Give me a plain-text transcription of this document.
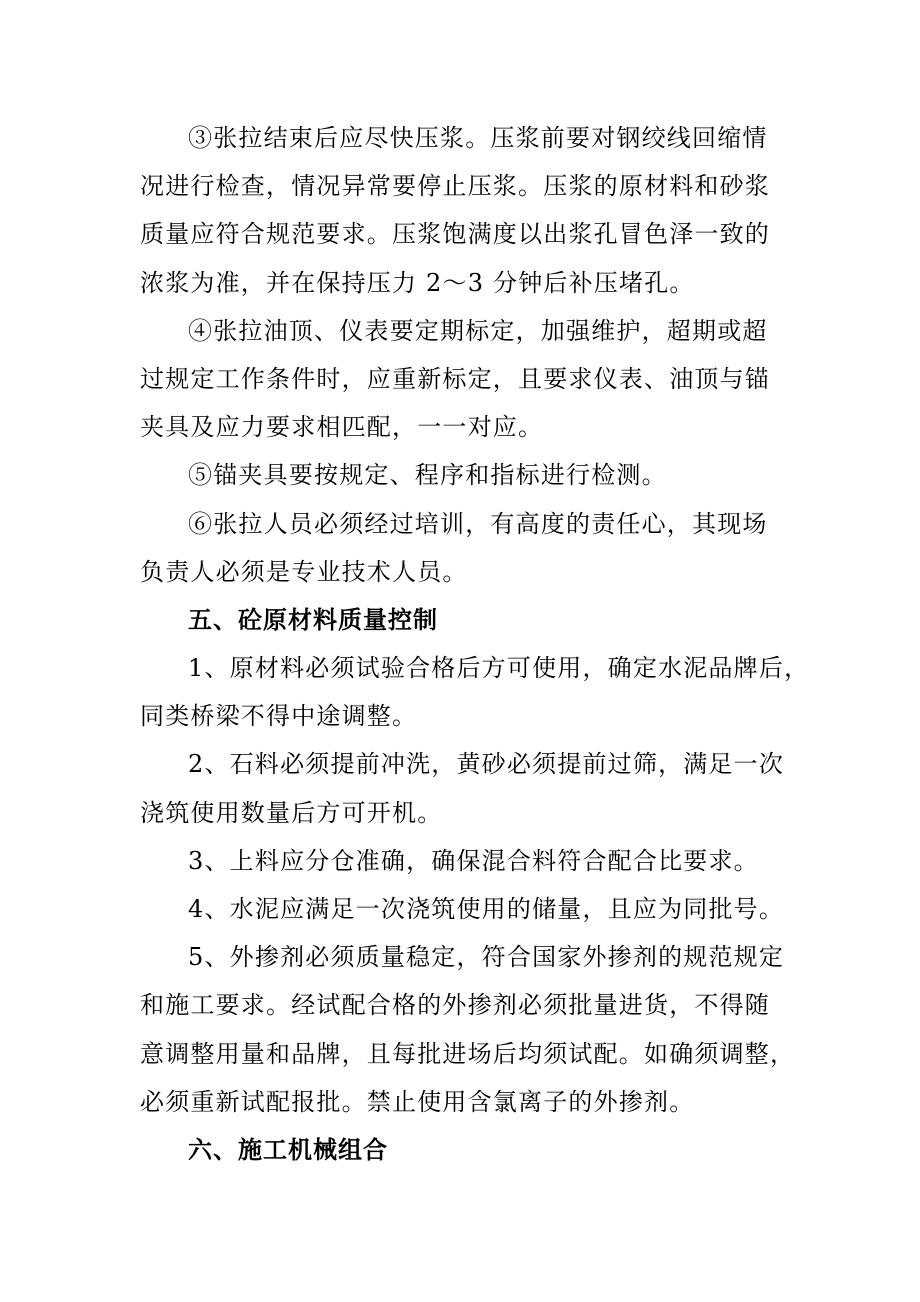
③张拉结束后应尽快压浆。压浆前要对钢绞线回缩情
况进行检查，情况异常要停止压浆。压浆的原材料和砂浆
质量应符合规范要求。压浆饱满度以出浆孔冒色泽一致的
浓浆为准，并在保持压力 2～3 分钟后补压堵孔。
④张拉油顶、仪表要定期标定，加强维护，超期或超
过规定工作条件时，应重新标定，且要求仪表、油顶与锚
夹具及应力要求相匹配，一一对应。
⑤锚夹具要按规定、程序和指标进行检测。
⑥张拉人员必须经过培训，有高度的责任心，其现场
负责人必须是专业技术人员。
五、砼原材料质量控制
1、原材料必须试验合格后方可使用，确定水泥品牌后，
同类桥梁不得中途调整。
2、石料必须提前冲洗，黄砂必须提前过筛，满足一次
浇筑使用数量后方可开机。
3、上料应分仓准确，确保混合料符合配合比要求。
4、水泥应满足一次浇筑使用的储量，且应为同批号。
5、外掺剂必须质量稳定，符合国家外掺剂的规范规定
和施工要求。经试配合格的外掺剂必须批量进货，不得随
意调整用量和品牌，且每批进场后均须试配。如确须调整，
必须重新试配报批。禁止使用含氯离子的外掺剂。
六、施工机械组合
